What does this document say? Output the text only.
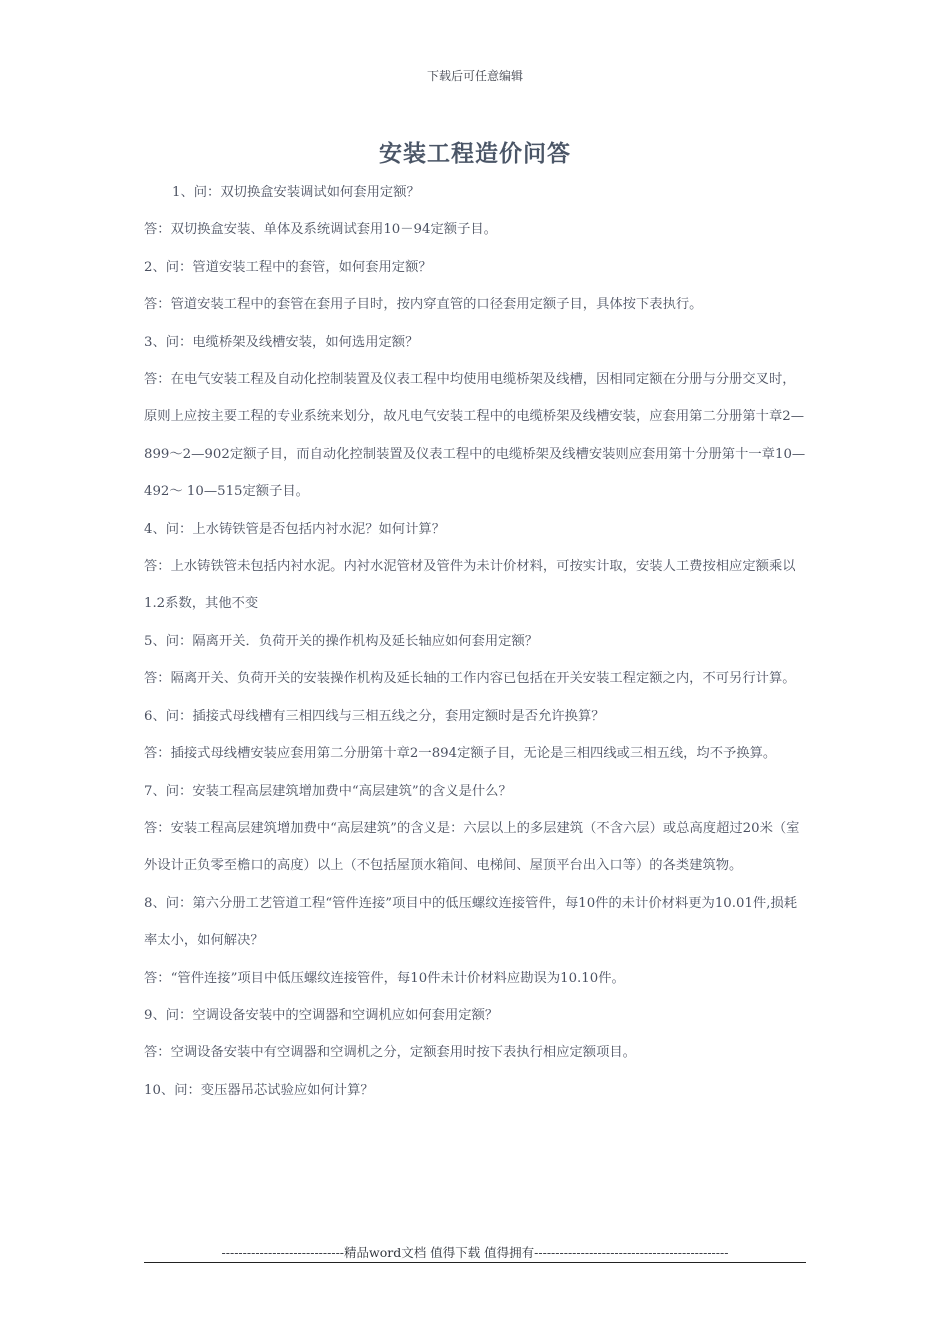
下载后可任意编辑
安装工程造价问答

1、问：双切换盒安装调试如何套用定额？

答：双切换盒安装、单体及系统调试套用10－94定额子目。

2、问：管道安装工程中的套管，如何套用定额？

答：管道安装工程中的套管在套用子目时，按内穿直管的口径套用定额子目，具体按下表执行。

3、问：电缆桥架及线槽安装，如何选用定额？

答：在电气安装工程及自动化控制装置及仪表工程中均使用电缆桥架及线槽，因相同定额在分册与分册交叉时，原则上应按主要工程的专业系统来划分，故凡电气安装工程中的电缆桥架及线槽安装，应套用第二分册第十章2—899～2—902定额子目，而自动化控制装置及仪表工程中的电缆桥架及线槽安装则应套用第十分册第十一章10—492～ 10—515定额子目。

4、问：上水铸铁管是否包括内衬水泥？如何计算？

答：上水铸铁管未包括内衬水泥。内衬水泥管材及管件为未计价材料，可按实计取，安装人工费按相应定额乘以1.2系数，其他不变

5、问：隔离开关．负荷开关的操作机构及延长轴应如何套用定额？

答：隔离开关、负荷开关的安装操作机构及延长轴的工作内容已包括在开关安装工程定额之内，不可另行计算。

6、问：插接式母线槽有三相四线与三相五线之分，套用定额时是否允许换算？

答：插接式母线槽安装应套用第二分册第十章2一894定额子目，无论是三相四线或三相五线，均不予换算。

7、问：安装工程高层建筑增加费中“高层建筑”的含义是什么？

答：安装工程高层建筑增加费中“高层建筑”的含义是：六层以上的多层建筑（不含六层）或总高度超过20米（室外设计正负零至檐口的高度）以上（不包括屋顶水箱间、电梯间、屋顶平台出入口等）的各类建筑物。

8、问：第六分册工艺管道工程“管件连接”项目中的低压螺纹连接管件，每10件的未计价材料更为10.01件,损耗率太小，如何解决？

答：“管件连接”项目中低压螺纹连接管件，每10件未计价材料应勘误为10.10件。

9、问：空调设备安装中的空调器和空调机应如何套用定额？

答：空调设备安装中有空调器和空调机之分，定额套用时按下表执行相应定额项目。

10、问：变压器吊芯试验应如何计算？

-----------------------------精品word文档 值得下载 值得拥有----------------------------------------------
